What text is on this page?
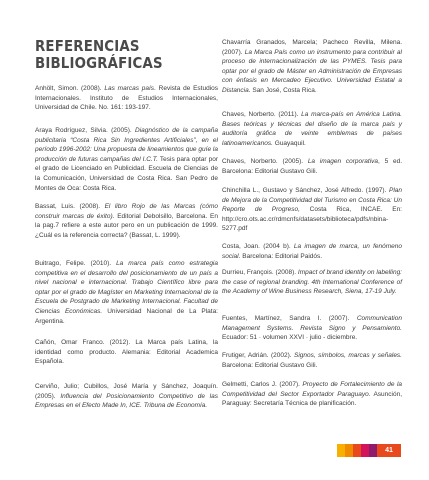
REFERENCIAS
BIBLIOGRÁFICAS
Anhölt, Simon. (2008). Las marcas país. Revista de Estudios Internacionales. Instituto de Estudios Internacionales, Universidad de Chile. No. 161: 193-197.
Araya Rodríguez, Silvia. (2005). Diagnóstico de la campaña publicitaria “Costa Rica Sin Ingredientes Artificiales”, en el período 1996-2002: Una propuesta de lineamientos que guíe la producción de futuras campañas del I.C.T. Tesis para optar por el grado de Licenciado en Publicidad. Escuela de Ciencias de la Comunicación, Universidad de Costa Rica. San Pedro de Montes de Oca: Costa Rica.
Bassat, Luis. (2008). El libro Rojo de las Marcas (cómo construir marcas de éxito). Editorial Debolsillo, Barcelona. En la pag.7 refiere a este autor pero en un publicación de 1999. ¿Cuál es la referencia correcta? (Bassat, L. 1999).
Buitrago, Felipe. (2010). La marca país como estrategia competitiva en el desarrollo del posicionamiento de un país a nivel nacional e internacional. Trabajo Científico libre para optar por el grado de Magíster en Marketing Internacional de la Escuela de Postgrado de Marketing Internacional. Facultad de Ciencias Económicas. Universidad Nacional de La Plata: Argentina.
Cañón, Omar Franco. (2012). La Marca país Latina, la identidad como producto. Alemania: Editorial Academica Española.
Cerviño, Julio; Cubillos, José María y Sánchez, Joaquín. (2005). Influencia del Posicionamiento Competitivo de las Empresas en el Efecto Made In, ICE. Tribuna de Economía.
Chavarría Granados, Marcela; Pacheco Revilla, Milena. (2007). La Marca País como un instrumento para contribuir al proceso de internacionalización de las PYMES. Tesis para optar por el grado de Máster en Administración de Empresas con énfasis en Mercadeo Ejecutivo. Universidad Estatal a Distancia. San José, Costa Rica.
Chaves, Norberto. (2011). La marca-país en América Latina. Bases teóricas y técnicas del diseño de la marca país y auditoría gráfica de veinte emblemas de países latinoamericanos. Guayaquil.
Chaves, Norberto. (2005). La imagen corporativa, 5 ed. Barcelona: Editorial Gustavo Gili.
Chinchilla L., Gustavo y Sánchez, José Alfredo. (1997). Plan de Mejora de la Competitividad del Turismo en Costa Rica: Un Reporte de Progreso, Costa Rica, INCAE. En: http://cro.ots.ac.cr/rdmcnfs/datasets/biblioteca/pdfs/nbina-5277.pdf
Costa, Joan. (2004 b). La imagen de marca, un fenómeno social. Barcelona: Editorial Paidós.
Durrieu, François. (2008). Impact of brand identity on labelling: the case of regional branding. 4th International Conference of the Academy of Wine Business Research, Siena, 17-19 July.
Fuentes, Martínez, Sandra I. (2007). Communication Management Systems. Revista Signo y Pensamiento. Ecuador: 51 · volumen XXVI · julio - diciembre.
Frutiger, Adrián. (2002). Signos, símbolos, marcas y señales. Barcelona: Editorial Gustavo Gili.
Gelmetti, Carlos J. (2007). Proyecto de Fortalecimiento de la Competitividad del Sector Exportador Paraguayo. Asunción, Paraguay: Secretaría Técnica de planificación.
41
